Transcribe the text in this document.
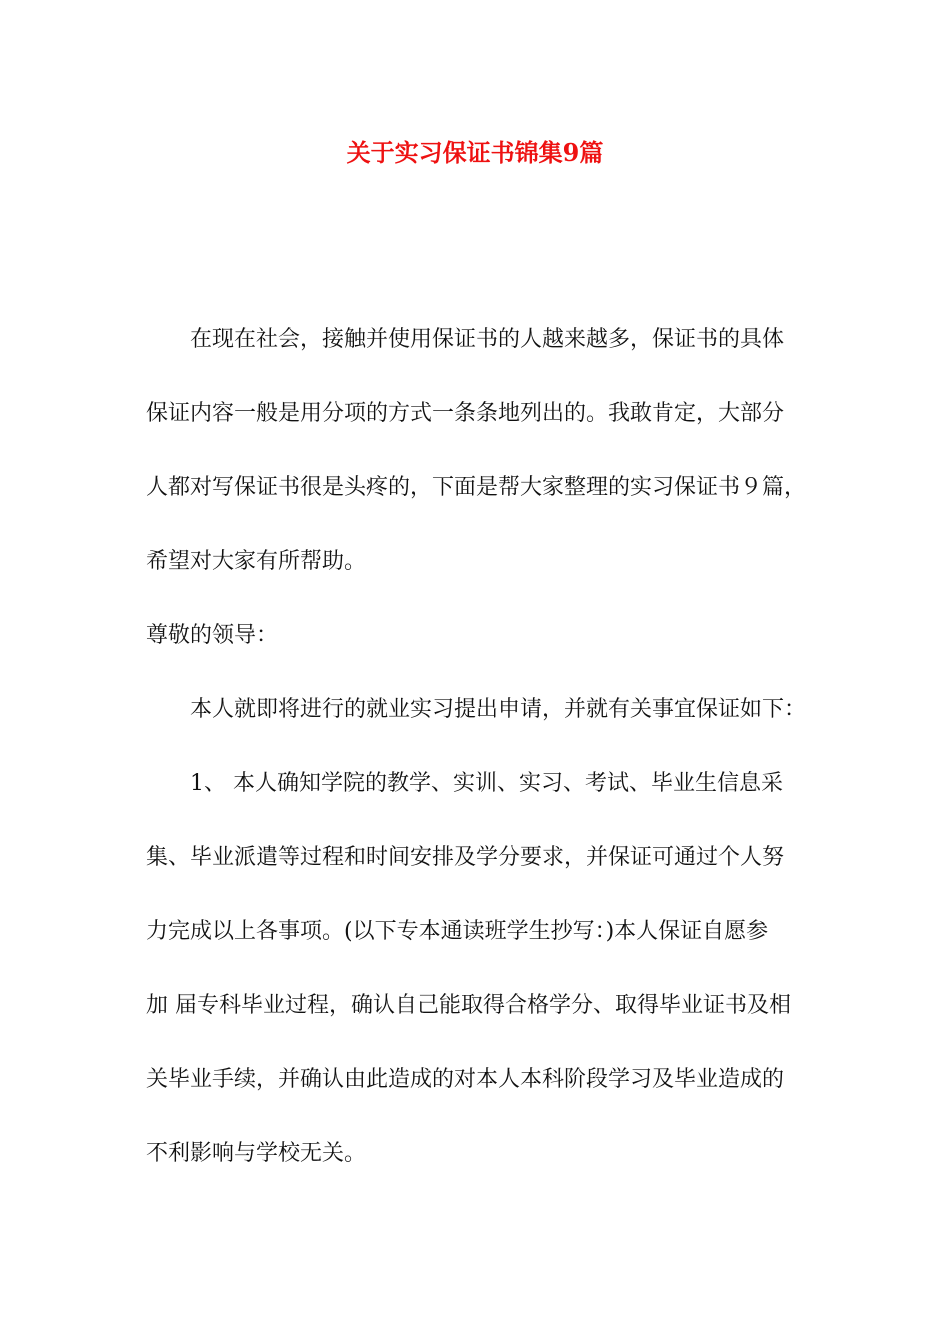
关于实习保证书锦集9篇
在现在社会，接触并使用保证书的人越来越多，保证书的具体
保证内容一般是用分项的方式一条条地列出的。我敢肯定，大部分
人都对写保证书很是头疼的，下面是帮大家整理的实习保证书９篇，
希望对大家有所帮助。
尊敬的领导：
本人就即将进行的就业实习提出申请，并就有关事宜保证如下：
1、 本人确知学院的教学、实训、实习、考试、毕业生信息采
集、毕业派遣等过程和时间安排及学分要求，并保证可通过个人努
力完成以上各事项。(以下专本通读班学生抄写：)本人保证自愿参
加 届专科毕业过程，确认自己能取得合格学分、取得毕业证书及相
关毕业手续，并确认由此造成的对本人本科阶段学习及毕业造成的
不利影响与学校无关。
